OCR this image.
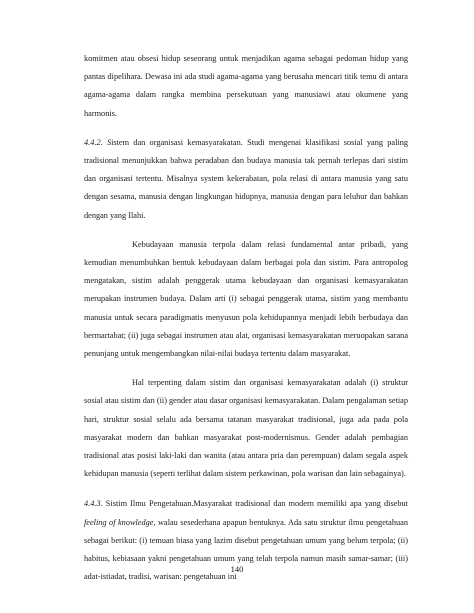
komitmen atau obsesi hidup seseorang untuk menjadikan agama sebagai pedoman hidup yang pantas dipelihara. Dewasa ini ada studi agama-agama yang berusaha mencari titik temu di antara agama-agama dalam rangka membina persekutuan yang manusiawi atau okumene yang harmonis.

4.4.2. Sistem dan organisasi kemasyarakatan. Studi mengenai klasifikasi sosial yang paling tradisional menunjukkan bahwa peradaban dan budaya manusia tak pernah terlepas dari sistim dan organisasi tertentu. Misalnya system kekerabatan, pola relasi di antara manusia yang satu dengan sesama, manusia dengan lingkungan hidupnya, manusia dengan para leluhur dan bahkan dengan yang Ilahi.

Kebudayaan manusia terpola dalam relasi fundamental antar pribadi, yang kemudian menumbuhkan bentuk kebudayaan dalam berbagai pola dan sistim. Para antropolog mengatakan, sistim adalah penggerak utama kebudayaan dan organisasi kemasyarakatan merupakan instrumen budaya. Dalam arti (i) sebagai penggerak utama, sistim yang membantu manusia untuk secara paradigmatis menyusun pola kehidupannya menjadi lebih berbudaya dan bermartabat; (ii) juga sebagai instrumen atau alat, organisasi kemasyarakatan meruopakan sarana penunjang untuk mengembangkan nilai-nilai budaya tertentu dalam masyarakat.

Hal terpenting dalam sistim dan organisasi kemasyarakatan adalah (i) struktur sosial atau sistim dan (ii) gender atau dasar organisasi kemasyarakatan. Dalam pengalaman setiap hari, struktur sosial selalu ada bersama tatanan masyarakat tradisional, juga ada pada pola masyarakat modern dan bahkan masyarakat post-modernismus. Gender adalah pembagian tradisional atas posisi laki-laki dan wanita (atau antara pria dan perempuan) dalam segala aspek kehidupan manusia (seperti terlihat dalam sistem perkawinan, pola warisan dan lain sebagainya).

4.4.3. Sistim Ilmu Pengetahuan.Masyarakat tradisional dan modern memiliki apa yang disebut feeling of knowledge, walau sesederhana apapun bentuknya. Ada satu struktur ilmu pengetahuan sebagai berikut: (i) temuan biasa yang lazim disebut pengetahuan umum yang belum terpola; (ii) habitus, kebiasaan yakni pengetahuan umum yang telah terpola namun masih samar-samar; (iii) adat-istiadat, tradisi, warisan: pengetahuan ini

140
